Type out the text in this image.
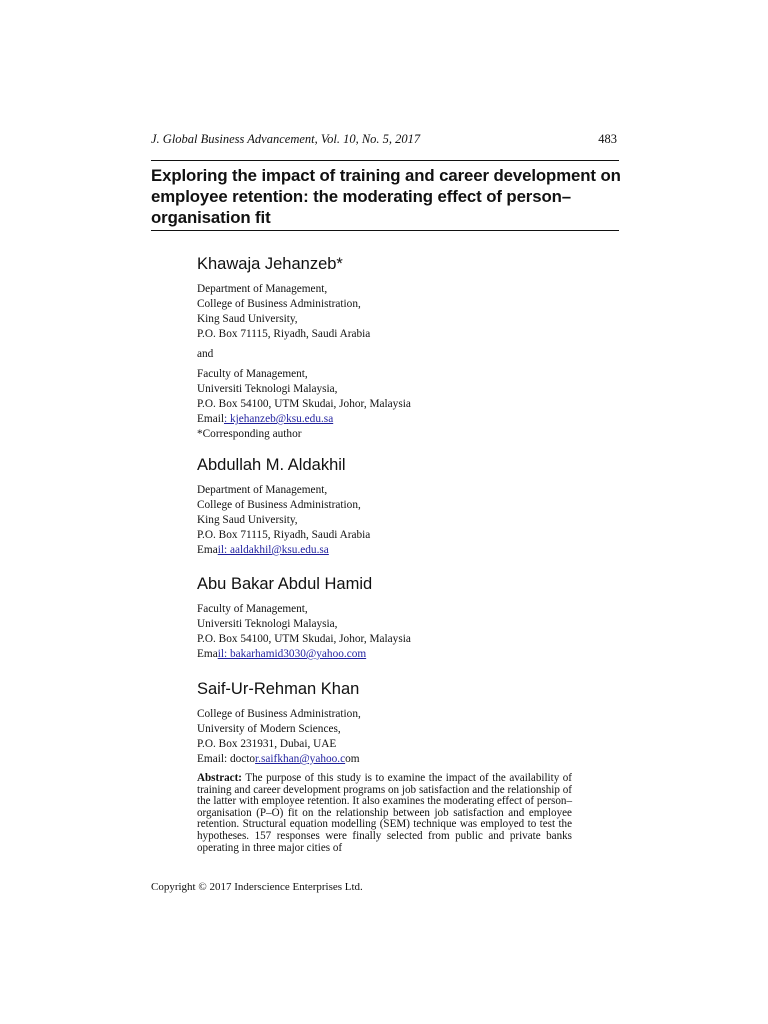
J. Global Business Advancement, Vol. 10, No. 5, 2017	483
Exploring the impact of training and career development on employee retention: the moderating effect of person–organisation fit
Khawaja Jehanzeb*
Department of Management,
College of Business Administration,
King Saud University,
P.O. Box 71115, Riyadh, Saudi Arabia
and
Faculty of Management,
Universiti Teknologi Malaysia,
P.O. Box 54100, UTM Skudai, Johor, Malaysia
Email: kjehanzeb@ksu.edu.sa
*Corresponding author
Abdullah M. Aldakhil
Department of Management,
College of Business Administration,
King Saud University,
P.O. Box 71115, Riyadh, Saudi Arabia
Email: aaldakhil@ksu.edu.sa
Abu Bakar Abdul Hamid
Faculty of Management,
Universiti Teknologi Malaysia,
P.O. Box 54100, UTM Skudai, Johor, Malaysia
Email: bakarhamid3030@yahoo.com
Saif-Ur-Rehman Khan
College of Business Administration,
University of Modern Sciences,
P.O. Box 231931, Dubai, UAE
Email: doctor.saifkhan@yahoo.com

Abstract: The purpose of this study is to examine the impact of the availability of training and career development programs on job satisfaction and the relationship of the latter with employee retention. It also examines the moderating effect of person–organisation (P–O) fit on the relationship between job satisfaction and employee retention. Structural equation modelling (SEM) technique was employed to test the hypotheses. 157 responses were finally selected from public and private banks operating in three major cities of

Copyright © 2017 Inderscience Enterprises Ltd.
